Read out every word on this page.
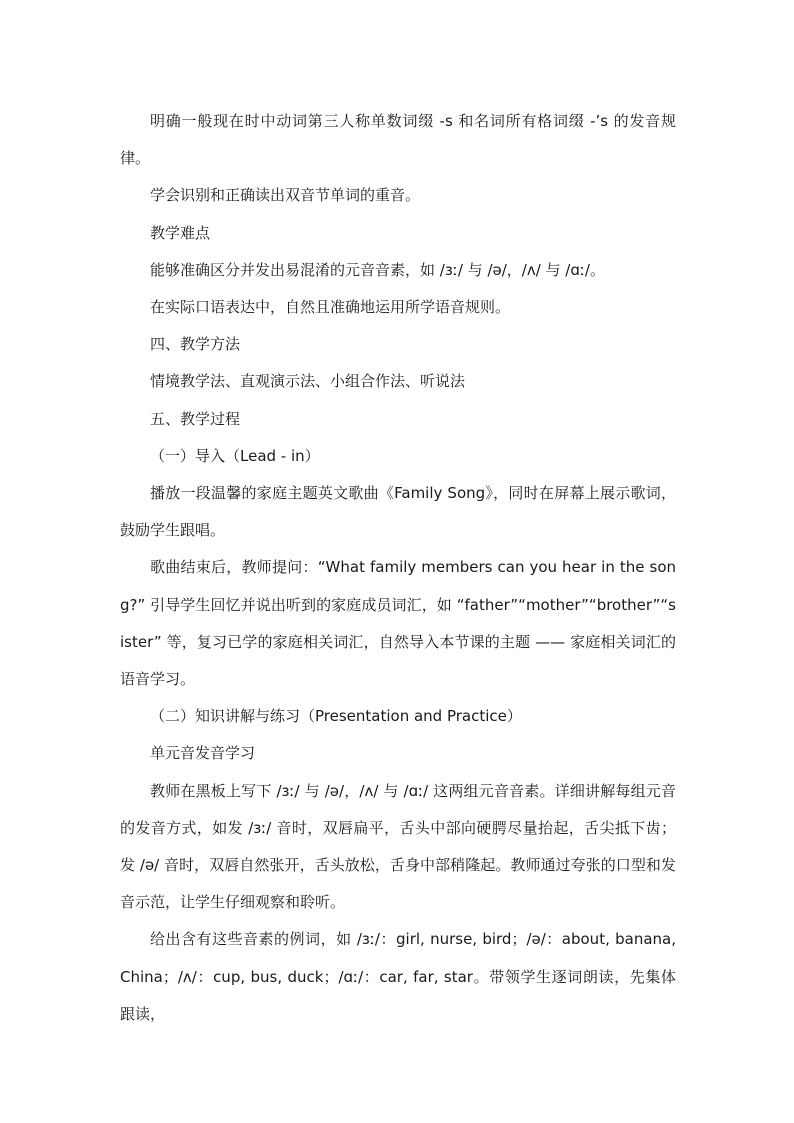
明确一般现在时中动词第三人称单数词缀 -s 和名词所有格词缀 -’s 的发音规律。

学会识别和正确读出双音节单词的重音。

教学难点

能够准确区分并发出易混淆的元音音素，如 /ɜː/ 与 /ə/，/ʌ/ 与 /ɑː/。

在实际口语表达中，自然且准确地运用所学语音规则。

四、教学方法

情境教学法、直观演示法、小组合作法、听说法

五、教学过程

（一）导入（Lead - in）

播放一段温馨的家庭主题英文歌曲《Family Song》，同时在屏幕上展示歌词，鼓励学生跟唱。

歌曲结束后，教师提问：“What family members can you hear in the song?” 引导学生回忆并说出听到的家庭成员词汇，如 “father”“mother”“brother”“sister” 等，复习已学的家庭相关词汇，自然导入本节课的主题 —— 家庭相关词汇的语音学习。

（二）知识讲解与练习（Presentation and Practice）

单元音发音学习

教师在黑板上写下 /ɜː/ 与 /ə/，/ʌ/ 与 /ɑː/ 这两组元音音素。详细讲解每组元音的发音方式，如发 /ɜː/ 音时，双唇扁平，舌头中部向硬腭尽量抬起，舌尖抵下齿；发 /ə/ 音时，双唇自然张开，舌头放松，舌身中部稍隆起。教师通过夸张的口型和发音示范，让学生仔细观察和聆听。

给出含有这些音素的例词，如 /ɜː/：girl, nurse, bird；/ə/：about, banana, China；/ʌ/：cup, bus, duck；/ɑː/：car, far, star。带领学生逐词朗读，先集体跟读，
